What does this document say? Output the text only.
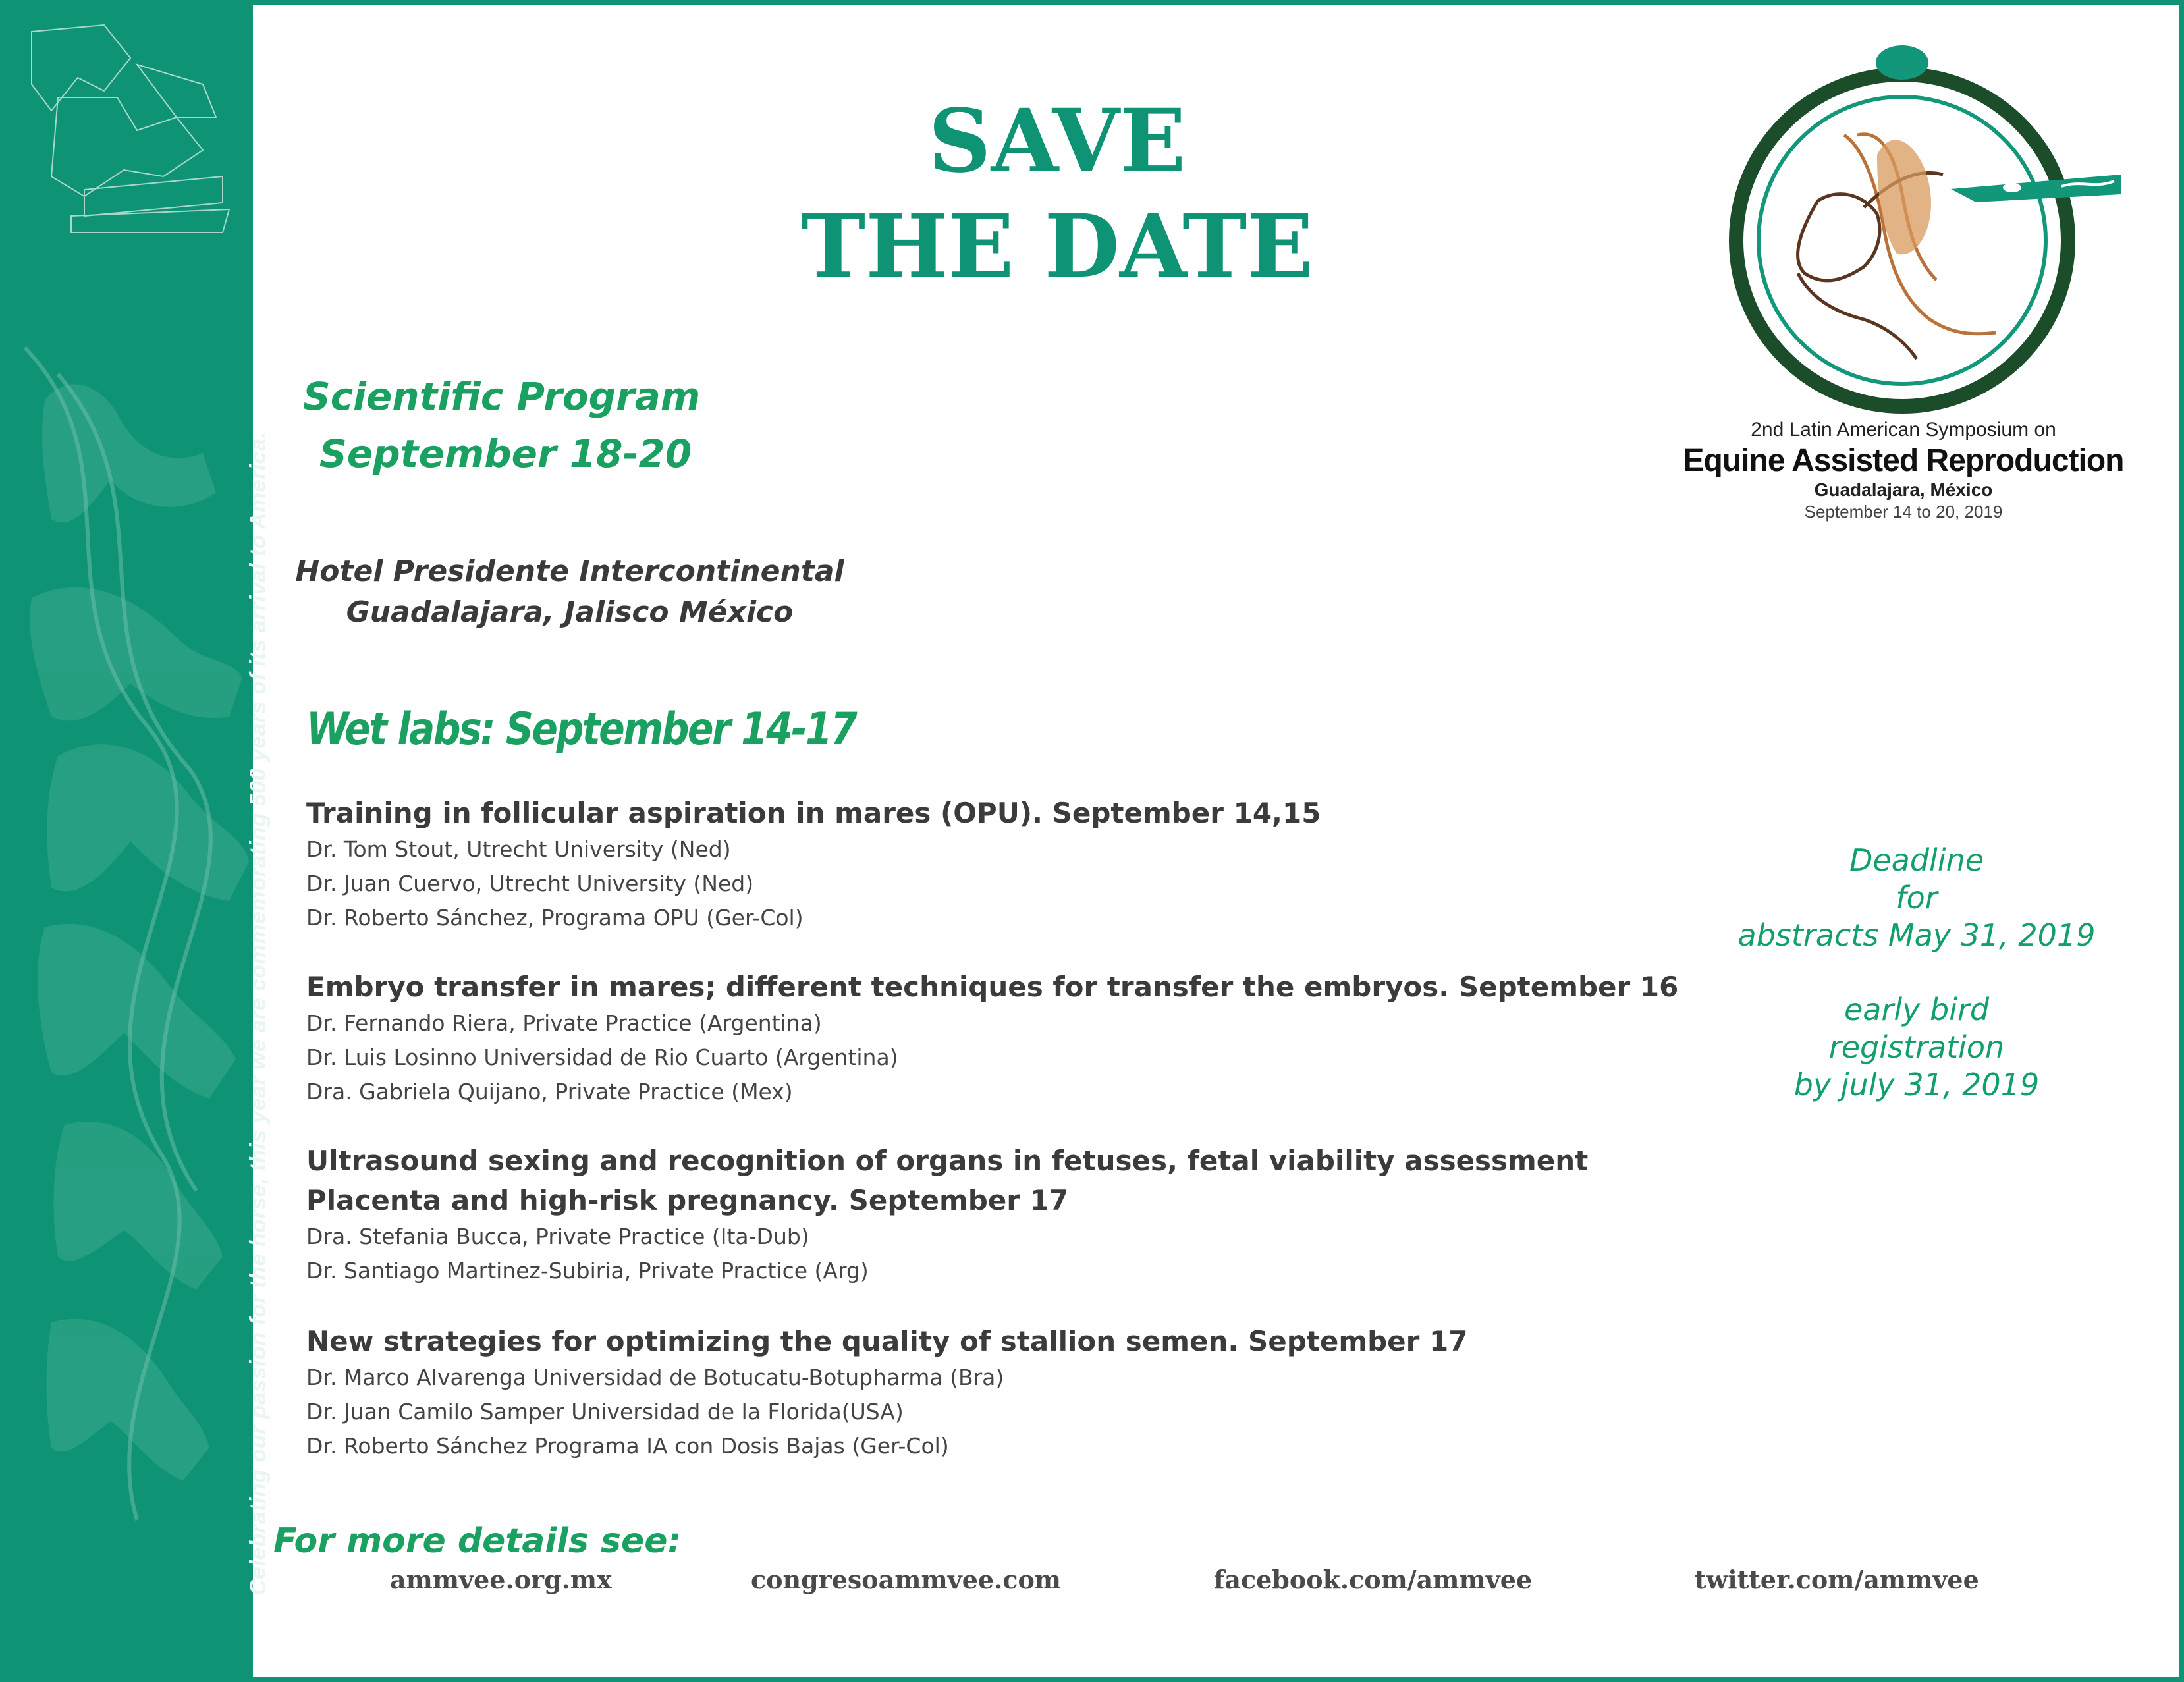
Celebrating our passion for the horse, this year we are commemorating 500 years of its arrival to America.
SAVE
THE DATE
Scientific Program
September 18-20
Hotel Presidente Intercontinental
Guadalajara, Jalisco México
Wet labs: September 14-17
Training in follicular aspiration in mares (OPU). September 14,15
Dr. Tom Stout, Utrecht University (Ned)
Dr. Juan Cuervo, Utrecht University (Ned)
Dr. Roberto Sánchez, Programa OPU (Ger-Col)
Embryo transfer in mares; different techniques for transfer the embryos. September 16
Dr. Fernando Riera, Private Practice (Argentina)
Dr. Luis Losinno Universidad de Rio Cuarto (Argentina)
Dra. Gabriela Quijano, Private Practice (Mex)
Ultrasound sexing and recognition of organs in fetuses, fetal viability assessment
Placenta and high-risk pregnancy. September 17
Dra. Stefania Bucca, Private Practice (Ita-Dub)
Dr. Santiago Martinez-Subiria, Private Practice (Arg)
New strategies for optimizing the quality of stallion semen. September 17
Dr. Marco Alvarenga Universidad de Botucatu-Botupharma (Bra)
Dr. Juan Camilo Samper Universidad de la Florida(USA)
Dr. Roberto Sánchez Programa IA con Dosis Bajas (Ger-Col)
2nd Latin American Symposium on
Equine Assisted Reproduction
Guadalajara, México
September 14 to 20, 2019
Deadline
for
abstracts May 31, 2019
early bird
registration
by july 31, 2019
For more details see:
ammvee.org.mx	congresoammvee.com	facebook.com/ammvee	twitter.com/ammvee
